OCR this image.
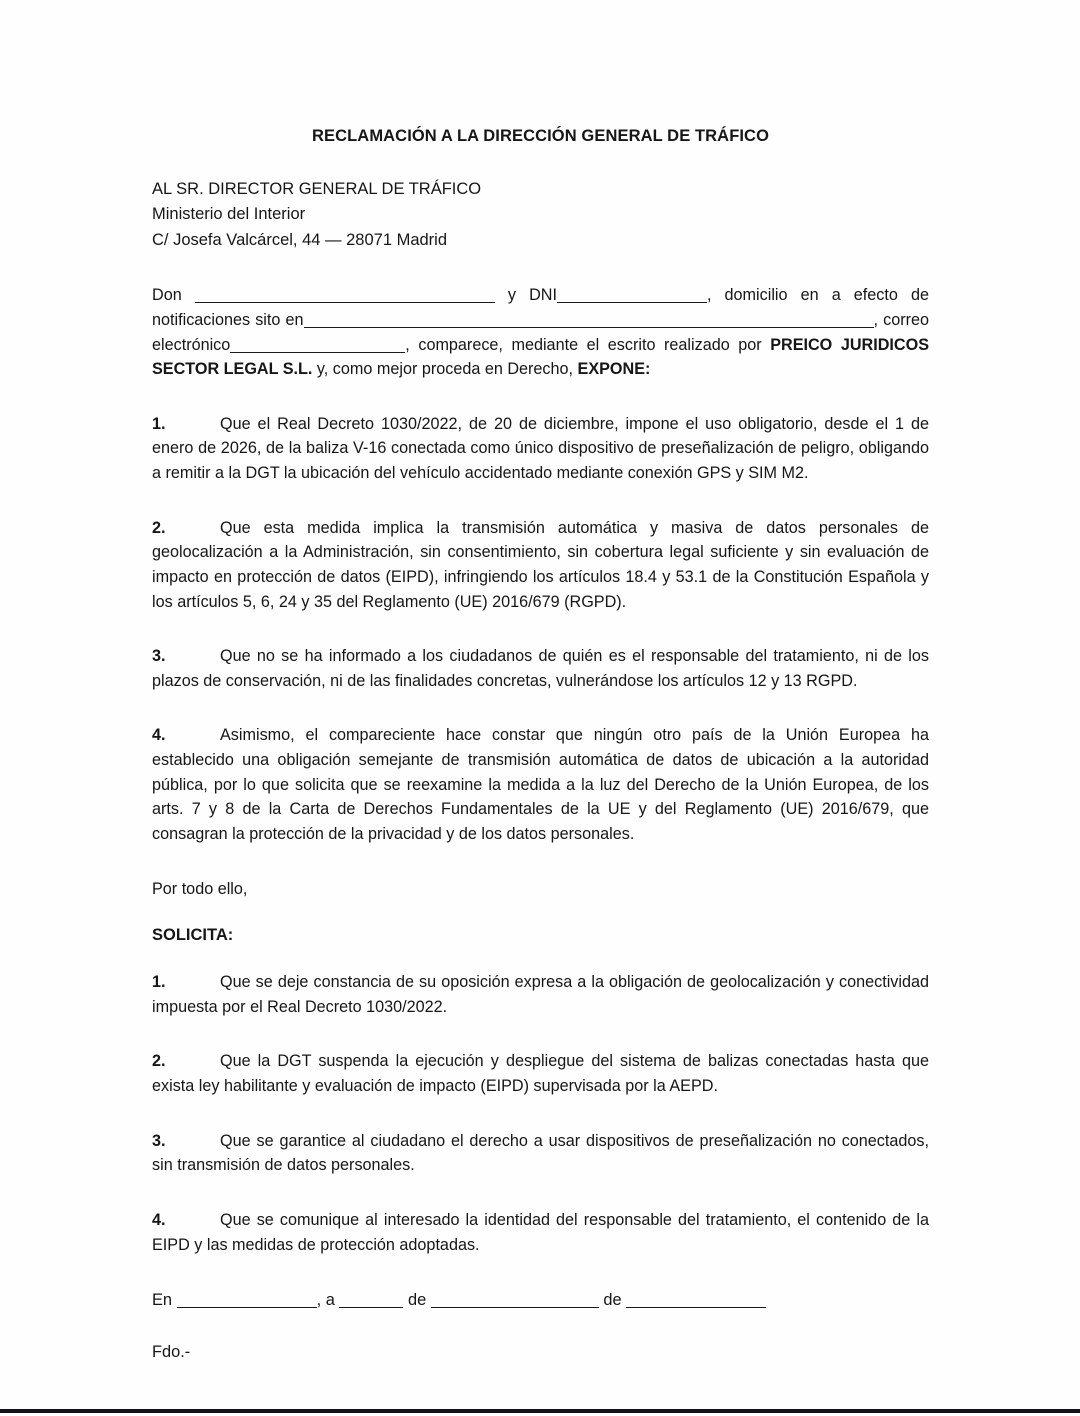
RECLAMACIÓN A LA DIRECCIÓN GENERAL DE TRÁFICO
AL SR. DIRECTOR GENERAL DE TRÁFICO
Ministerio del Interior
C/ Josefa Valcárcel, 44 — 28071 Madrid

Don	y DNI	, domicilio en a efecto de notificaciones sito en	, correo electrónico	, comparece, mediante el escrito realizado por PREICO JURIDICOS SECTOR LEGAL S.L. y, como mejor proceda en Derecho, EXPONE:

1.	Que el Real Decreto 1030/2022, de 20 de diciembre, impone el uso obligatorio, desde el 1 de enero de 2026, de la baliza V-16 conectada como único dispositivo de preseñalización de peligro, obligando a remitir a la DGT la ubicación del vehículo accidentado mediante conexión GPS y SIM M2.

2.	Que esta medida implica la transmisión automática y masiva de datos personales de geolocalización a la Administración, sin consentimiento, sin cobertura legal suficiente y sin evaluación de impacto en protección de datos (EIPD), infringiendo los artículos 18.4 y 53.1 de la Constitución Española y los artículos 5, 6, 24 y 35 del Reglamento (UE) 2016/679 (RGPD).

3.	Que no se ha informado a los ciudadanos de quién es el responsable del tratamiento, ni de los plazos de conservación, ni de las finalidades concretas, vulnerándose los artículos 12 y 13 RGPD.

4.	Asimismo, el compareciente hace constar que ningún otro país de la Unión Europea ha establecido una obligación semejante de transmisión automática de datos de ubicación a la autoridad pública, por lo que solicita que se reexamine la medida a la luz del Derecho de la Unión Europea, de los arts. 7 y 8 de la Carta de Derechos Fundamentales de la UE y del Reglamento (UE) 2016/679, que consagran la protección de la privacidad y de los datos personales.

Por todo ello,

SOLICITA:

1.	Que se deje constancia de su oposición expresa a la obligación de geolocalización y conectividad impuesta por el Real Decreto 1030/2022.

2.	Que la DGT suspenda la ejecución y despliegue del sistema de balizas conectadas hasta que exista ley habilitante y evaluación de impacto (EIPD) supervisada por la AEPD.

3.	Que se garantice al ciudadano el derecho a usar dispositivos de preseñalización no conectados, sin transmisión de datos personales.

4.	Que se comunique al interesado la identidad del responsable del tratamiento, el contenido de la EIPD y las medidas de protección adoptadas.

En	, a	de	de

Fdo.-
